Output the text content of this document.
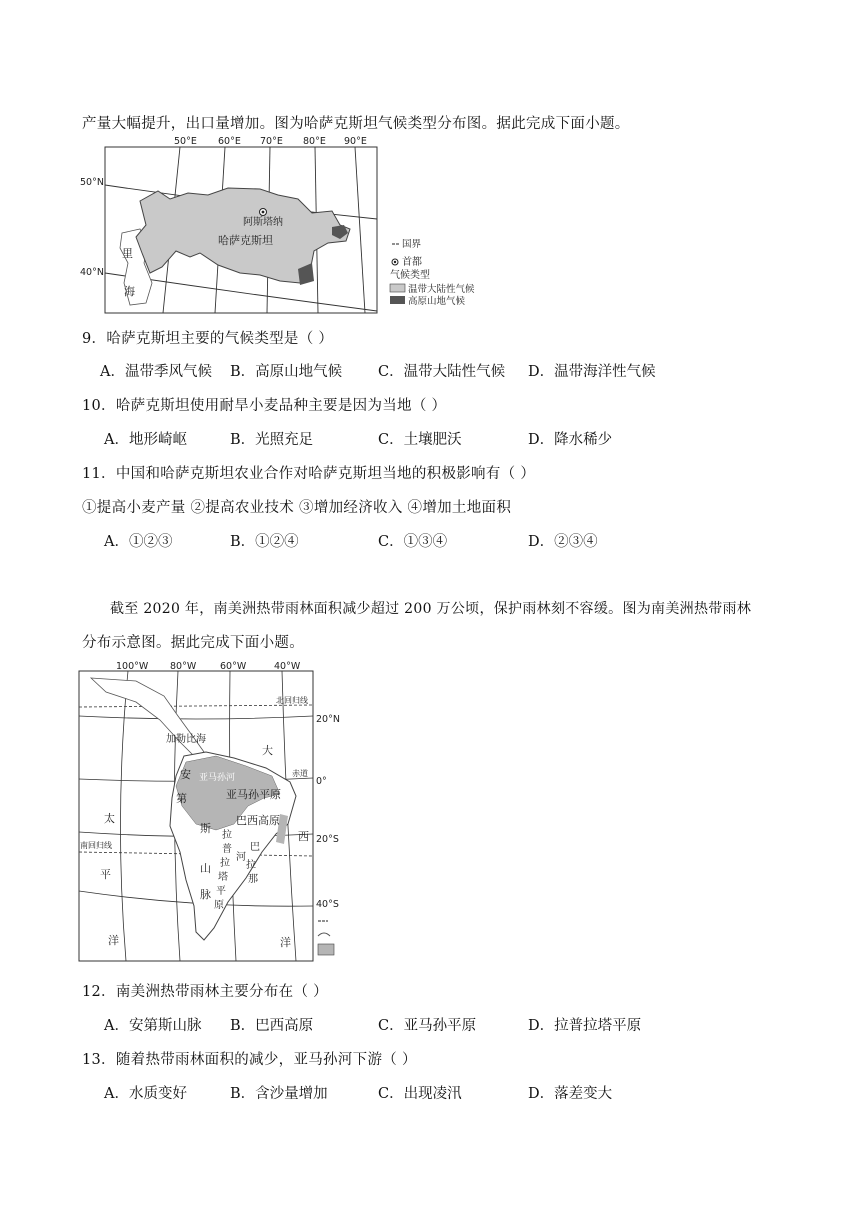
产量大幅提升，出口量增加。图为哈萨克斯坦气候类型分布图。据此完成下面小题。
阿斯塔纳
哈萨克斯坦
里
海
50°E 60°E 70°E 80°E 90°E
50°N
40°N
国界
首都
气候类型
温带大陆性气候
高原山地气候
9．哈萨克斯坦主要的气候类型是（ ）
A．温带季风气候 B．高原山地气候 C．温带大陆性气候 D．温带海洋性气候
10．哈萨克斯坦使用耐旱小麦品种主要是因为当地（ ）
A．地形崎岖	B．光照充足	C．土壤肥沃	D．降水稀少
11．中国和哈萨克斯坦农业合作对哈萨克斯坦当地的积极影响有（ ）
①提高小麦产量 ②提高农业技术 ③增加经济收入 ④增加土地面积
A．①②③	B．①②④	C．①③④	D．②③④
截至 2020 年，南美洲热带雨林面积减少超过 200 万公顷，保护雨林刻不容缓。图为南美洲热带雨林
分布示意图。据此完成下面小题。
100°W 80°W	60°W	40°W
20°N
0°
20°S
40°S
北回归线
赤道
南回归线
加勒比海
亚马孙河
亚马孙平原
巴西高原
大
西
洋
太
平
洋
安
第
斯
山
脉
拉
普
拉
塔
平
原
巴
拉
那
河
12．南美洲热带雨林主要分布在（ ）
A．安第斯山脉 B．巴西高原	C．亚马孙平原	D．拉普拉塔平原
13．随着热带雨林面积的减少，亚马孙河下游（ ）
A．水质变好	B．含沙量增加	C．出现凌汛	D．落差变大
